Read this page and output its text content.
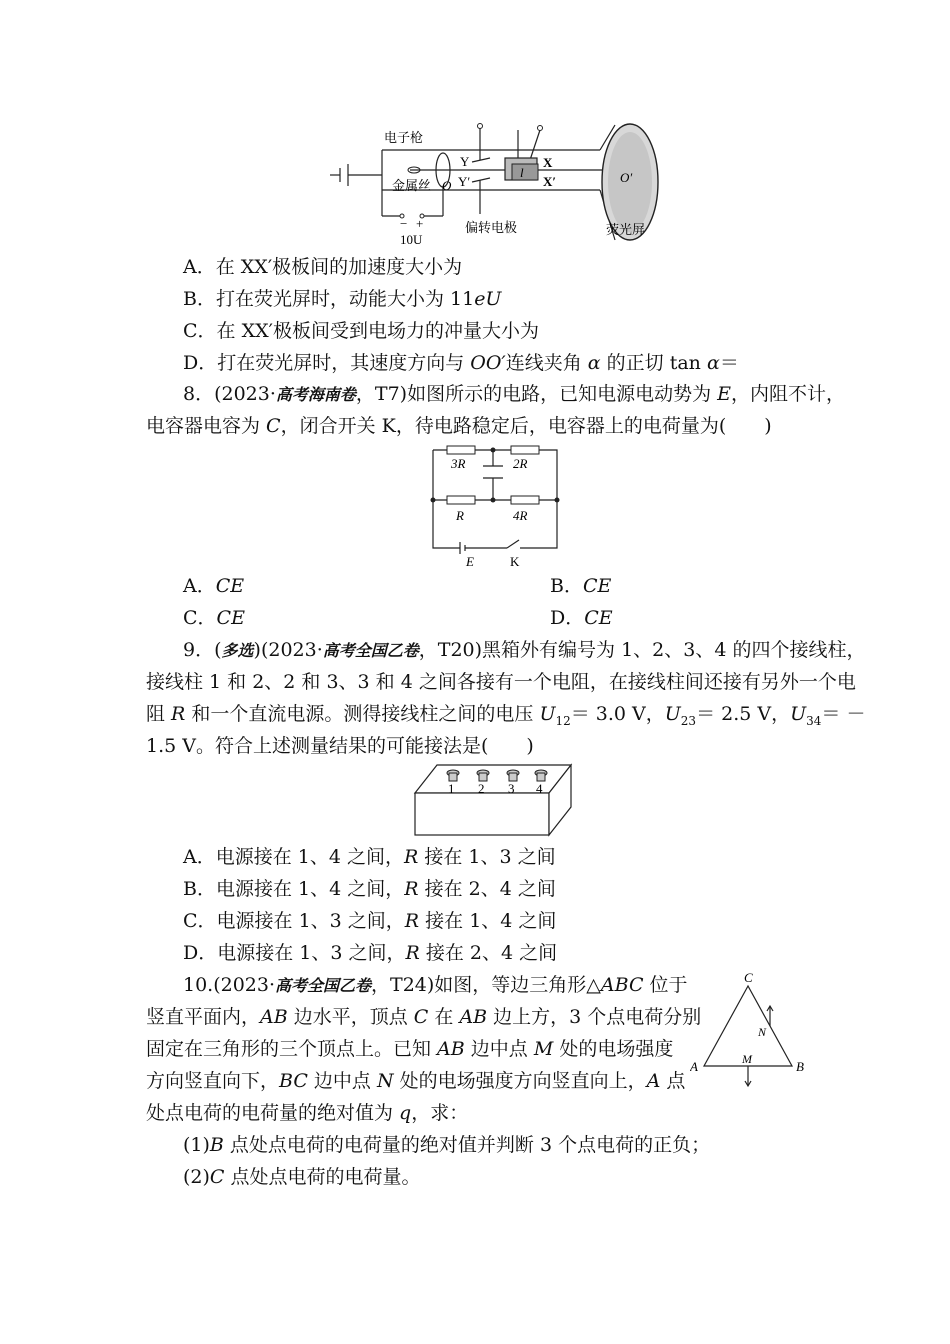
电子枪
金属丝 O
Y
Y′
X
X′
l	O′
− +
10U
偏转电极	荧光屏
A．在 XX′极板间的加速度大小为
B．打在荧光屏时，动能大小为 11eU
C．在 XX′极板间受到电场力的冲量大小为
D．打在荧光屏时，其速度方向与 OO′连线夹角 α 的正切 tan α＝
8．(2023·高考海南卷，T7)如图所示的电路，已知电源电动势为 E，内阻不计，
电容器电容为 C，闭合开关 K，待电路稳定后，电容器上的电荷量为(　　)
3R	2R
R	4R
E	K
A．CE	B．CE
C．CE	D．CE
9．(多选)(2023·高考全国乙卷，T20)黑箱外有编号为 1、2、3、4 的四个接线柱，
接线柱 1 和 2、2 和 3、3 和 4 之间各接有一个电阻，在接线柱间还接有另外一个电
阻 R 和一个直流电源。测得接线柱之间的电压 $U_{12}= 3.0$ V，$U_{23}= 2.5$ V，$U_{34}=$ －
1.5 V。符合上述测量结果的可能接法是(　　)
1 2 3 4
A．电源接在 1、4 之间，R 接在 1、3 之间
B．电源接在 1、4 之间，R 接在 2、4 之间
C．电源接在 1、3 之间，R 接在 1、4 之间
D．电源接在 1、3 之间，R 接在 2、4 之间
10.(2023·高考全国乙卷，T24)如图，等边三角形△ABC 位于
竖直平面内，AB 边水平，顶点 C 在 AB 边上方，3 个点电荷分别
固定在三角形的三个顶点上。已知 AB 边中点 M 处的电场强度
方向竖直向下，BC 边中点 N 处的电场强度方向竖直向上，A 点
处点电荷的电荷量的绝对值为 q，求：
(1)B 点处点电荷的电荷量的绝对值并判断 3 个点电荷的正负；
(2)C 点处点电荷的电荷量。
C
A	B
M
N
